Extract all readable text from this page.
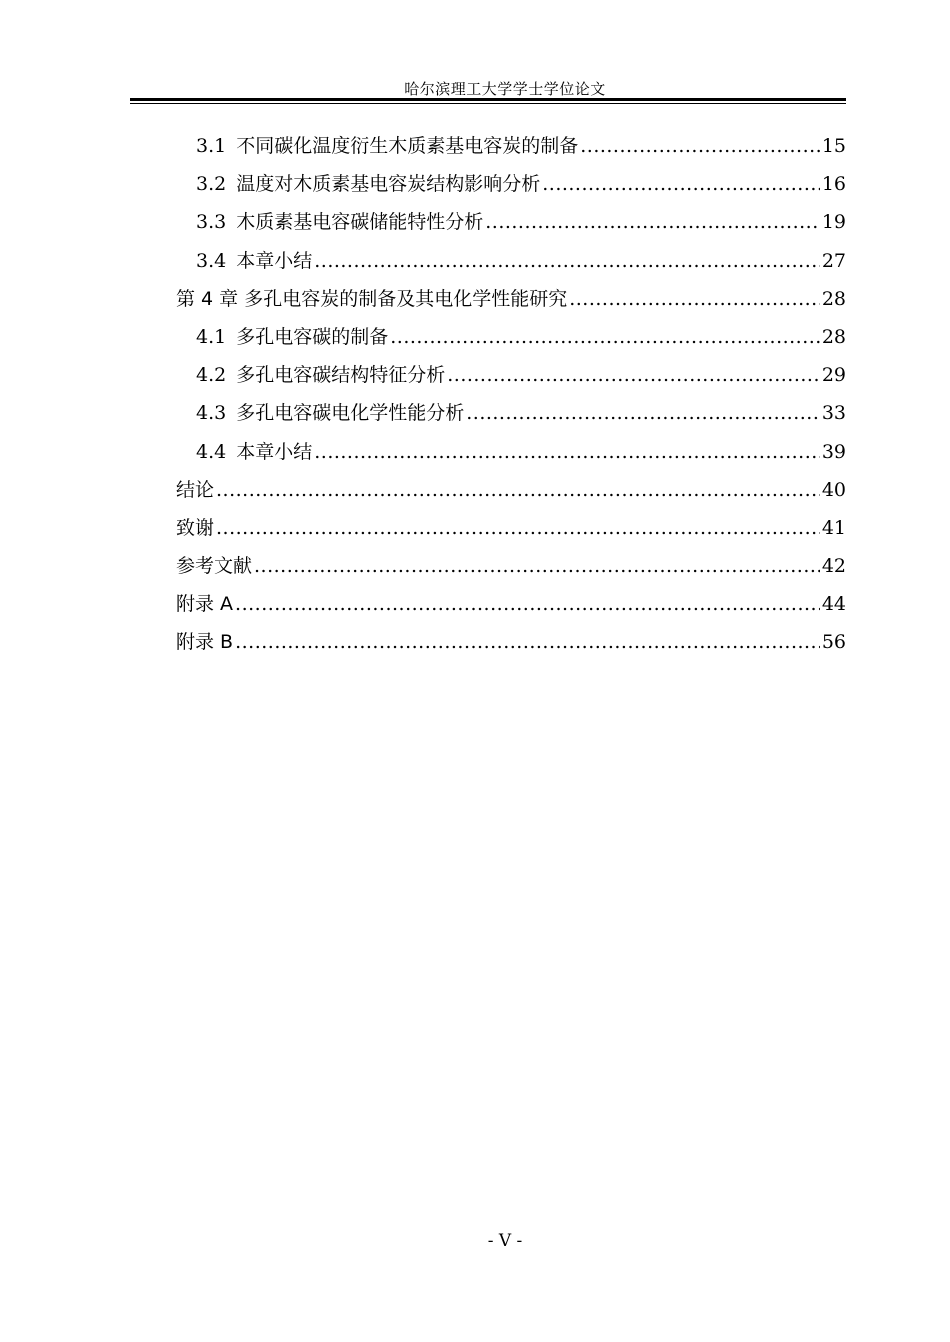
哈尔滨理工大学学士学位论文
3.1 不同碳化温度衍生木质素基电容炭的制备 .....	15
3.2 温度对木质素基电容炭结构影响分析 .....	16
3.3 木质素基电容碳储能特性分析 .....	19
3.4 本章小结 .....	27
第 4 章 多孔电容炭的制备及其电化学性能研究 .....	28
4.1 多孔电容碳的制备 .....	28
4.2 多孔电容碳结构特征分析 .....	29
4.3 多孔电容碳电化学性能分析 .....	33
4.4 本章小结 .....	39
结论 .....	40
致谢 .....	41
参考文献 .....	42
附录 A .....	44
附录 B .....	56
- V -
